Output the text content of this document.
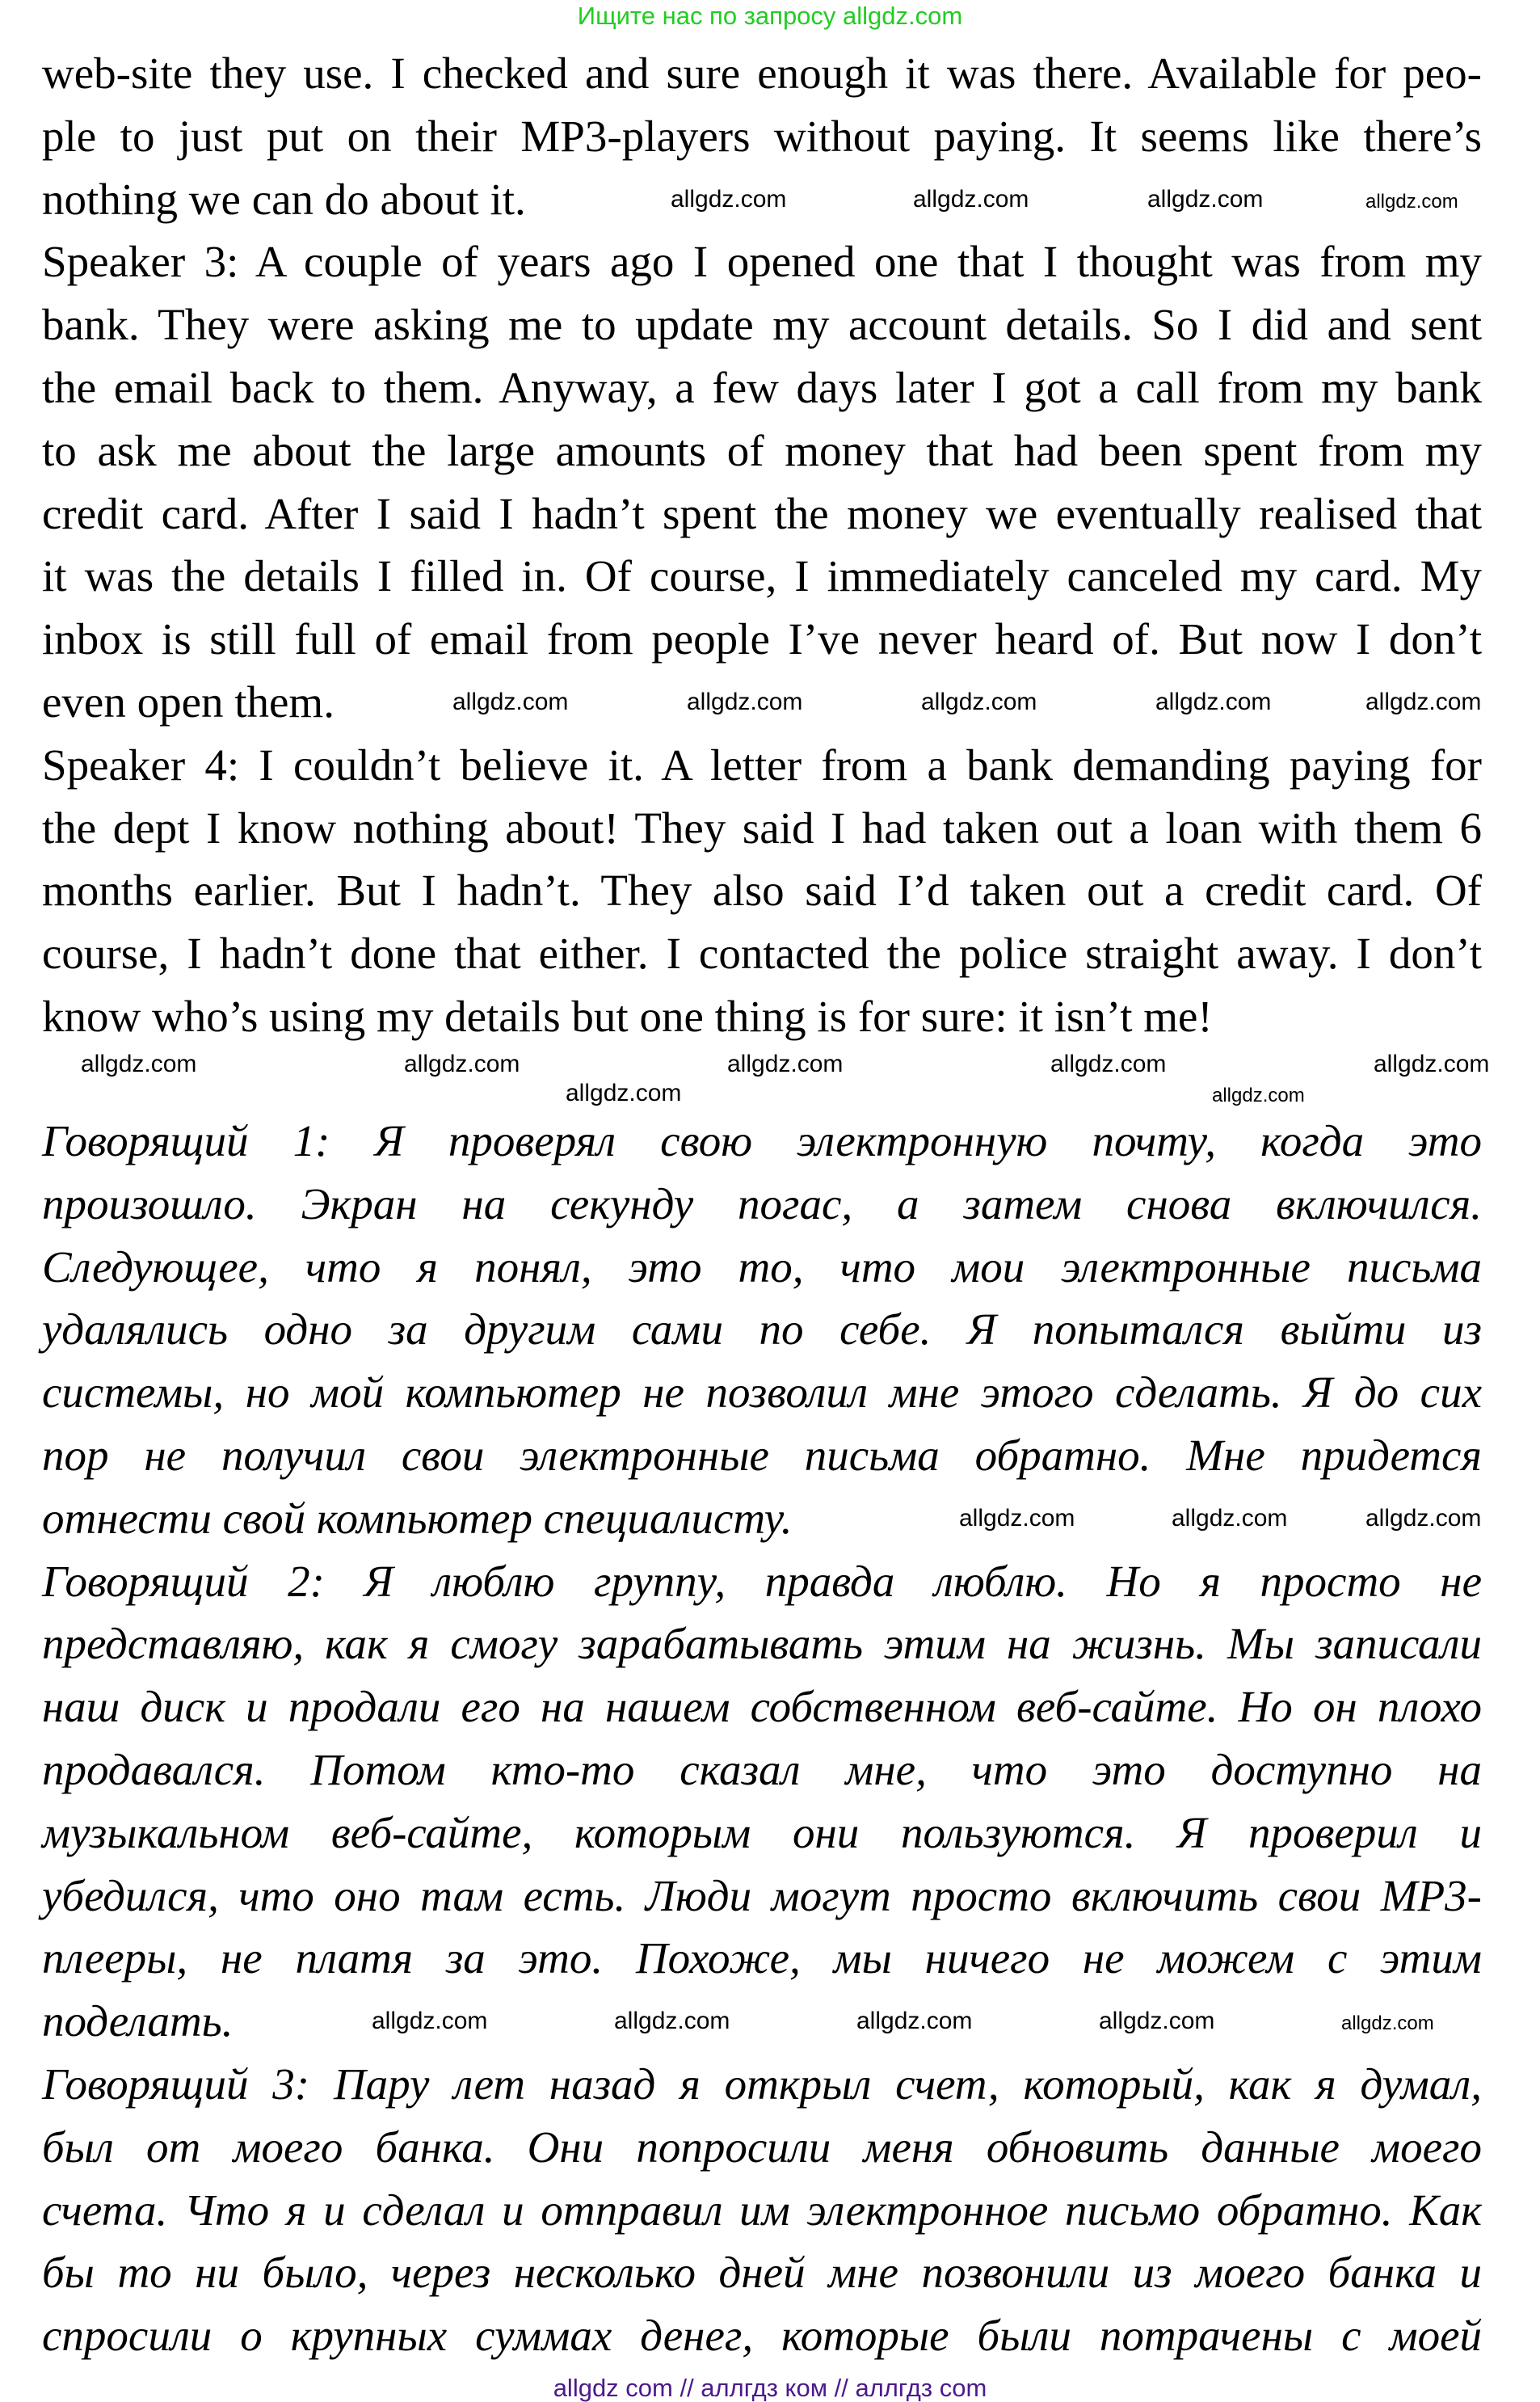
Ищите нас по запросу allgdz.com
web-site they use. I checked and sure enough it was there. Available for peo-
ple to just put on their MP3-players without paying. It seems like there’s
nothing we can do about it.
Speaker 3: A couple of years ago I opened one that I thought was from my
bank. They were asking me to update my account details. So I did and sent
the email back to them. Anyway, a few days later I got a call from my bank
to ask me about the large amounts of money that had been spent from my
credit card. After I said I hadn’t spent the money we eventually realised that
it was the details I filled in. Of course, I immediately canceled my card. My
inbox is still full of email from people I’ve never heard of. But now I don’t
even open them.
Speaker 4: I couldn’t believe it. A letter from a bank demanding paying for
the dept I know nothing about! They said I had taken out a loan with them 6
months earlier. But I hadn’t. They also said I’d taken out a credit card. Of
course, I hadn’t done that either. I contacted the police straight away. I don’t
know who’s using my details but one thing is for sure: it isn’t me!
Говорящий 1: Я проверял свою электронную почту, когда это
произошло. Экран на секунду погас, а затем снова включился.
Следующее, что я понял, это то, что мои электронные письма
удалялись одно за другим сами по себе. Я попытался выйти из
системы, но мой компьютер не позволил мне этого сделать. Я до сих
пор не получил свои электронные письма обратно. Мне придется
отнести свой компьютер специалисту.
Говорящий 2: Я люблю группу, правда люблю. Но я просто не
представляю, как я смогу зарабатывать этим на жизнь. Мы записали
наш диск и продали его на нашем собственном веб-сайте. Но он плохо
продавался. Потом кто-то сказал мне, что это доступно на
музыкальном веб-сайте, которым они пользуются. Я проверил и
убедился, что оно там есть. Люди могут просто включить свои MP3-
плееры, не платя за это. Похоже, мы ничего не можем с этим
поделать.
Говорящий 3: Пару лет назад я открыл счет, который, как я думал,
был от моего банка. Они попросили меня обновить данные моего
счета. Что я и сделал и отправил им электронное письмо обратно. Как
бы то ни было, через несколько дней мне позвонили из моего банка и
спросили о крупных суммах денег, которые были потрачены с моей
allgdz.com	allgdz.com	allgdz.com	allgdz.com
allgdz.com	allgdz.com	allgdz.com	allgdz.com	allgdz.com
allgdz.com	allgdz.com	allgdz.com	allgdz.com	allgdz.com
allgdz.com	allgdz.com
allgdz.com	allgdz.com	allgdz.com
allgdz.com	allgdz.com	allgdz.com	allgdz.com	allgdz.com
allgdz com // аллгдз ком // аллгдз com
